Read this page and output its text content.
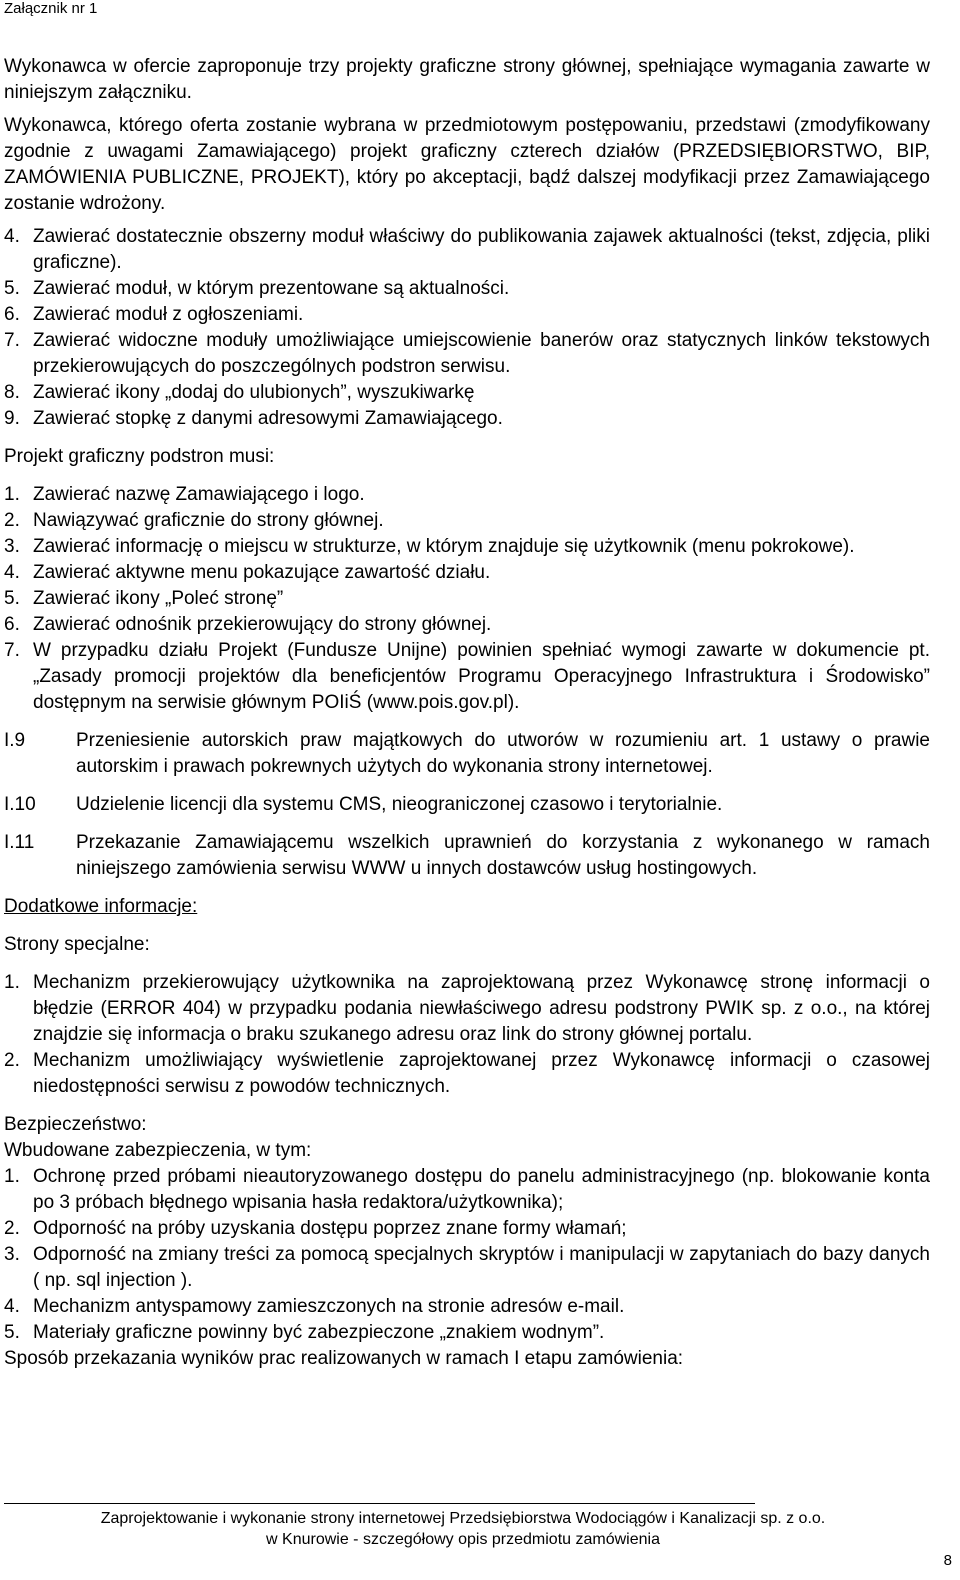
Załącznik nr 1

Wykonawca w ofercie zaproponuje trzy projekty graficzne strony głównej, spełniające wymagania zawarte w niniejszym załączniku.

Wykonawca, którego oferta zostanie wybrana w przedmiotowym postępowaniu, przedstawi (zmodyfikowany zgodnie z uwagami Zamawiającego) projekt graficzny czterech działów (PRZEDSIĘBIORSTWO, BIP, ZAMÓWIENIA PUBLICZNE, PROJEKT), który po akceptacji, bądź dalszej modyfikacji przez Zamawiającego zostanie wdrożony.

4. Zawierać dostatecznie obszerny moduł właściwy do publikowania zajawek aktualności (tekst, zdjęcia, pliki graficzne).
5. Zawierać moduł, w którym prezentowane są aktualności.
6. Zawierać moduł z ogłoszeniami.
7. Zawierać widoczne moduły umożliwiające umiejscowienie banerów oraz statycznych linków tekstowych przekierowujących do poszczególnych podstron serwisu.
8. Zawierać ikony „dodaj do ulubionych”, wyszukiwarkę
9. Zawierać stopkę z danymi adresowymi Zamawiającego.

Projekt graficzny podstron musi:

1. Zawierać nazwę Zamawiającego i logo.
2. Nawiązywać graficznie do strony głównej.
3. Zawierać informację o miejscu w strukturze, w którym znajduje się użytkownik (menu pokrokowe).
4. Zawierać aktywne menu pokazujące zawartość działu.
5. Zawierać ikony „Poleć stronę”
6. Zawierać odnośnik przekierowujący do strony głównej.
7. W przypadku działu Projekt (Fundusze Unijne) powinien spełniać wymogi zawarte w dokumencie pt. „Zasady promocji projektów dla beneficjentów Programu Operacyjnego Infrastruktura i Środowisko” dostępnym na serwisie głównym POIiŚ (www.pois.gov.pl).
I.9	Przeniesienie autorskich praw majątkowych do utworów w rozumieniu art. 1 ustawy o prawie autorskim i prawach pokrewnych użytych do wykonania strony internetowej.
I.10	Udzielenie licencji dla systemu CMS, nieograniczonej czasowo i terytorialnie.
I.11	Przekazanie Zamawiającemu wszelkich uprawnień do korzystania z wykonanego w ramach niniejszego zamówienia serwisu WWW u innych dostawców usług hostingowych.

Dodatkowe informacje:

Strony specjalne:

1. Mechanizm przekierowujący użytkownika na zaprojektowaną przez Wykonawcę stronę informacji o błędzie (ERROR 404) w przypadku podania niewłaściwego adresu podstrony PWIK sp. z o.o., na której znajdzie się informacja o braku szukanego adresu oraz link do strony głównej portalu.
2. Mechanizm umożliwiający wyświetlenie zaprojektowanej przez Wykonawcę informacji o czasowej niedostępności serwisu z powodów technicznych.

Bezpieczeństwo:

Wbudowane zabezpieczenia, w tym:

1. Ochronę przed próbami nieautoryzowanego dostępu do panelu administracyjnego (np. blokowanie konta po 3 próbach błędnego wpisania hasła redaktora/użytkownika);
2. Odporność na próby uzyskania dostępu poprzez znane formy włamań;
3. Odporność na zmiany treści za pomocą specjalnych skryptów i manipulacji w zapytaniach do bazy danych ( np. sql injection ).
4. Mechanizm antyspamowy zamieszczonych na stronie adresów e-mail.
5. Materiały graficzne powinny być zabezpieczone „znakiem wodnym”.

Sposób przekazania wyników prac realizowanych w ramach I etapu zamówienia:

Zaprojektowanie i wykonanie strony internetowej Przedsiębiorstwa Wodociągów i Kanalizacji sp. z o.o.
w Knurowie - szczegółowy opis przedmiotu zamówienia
8
